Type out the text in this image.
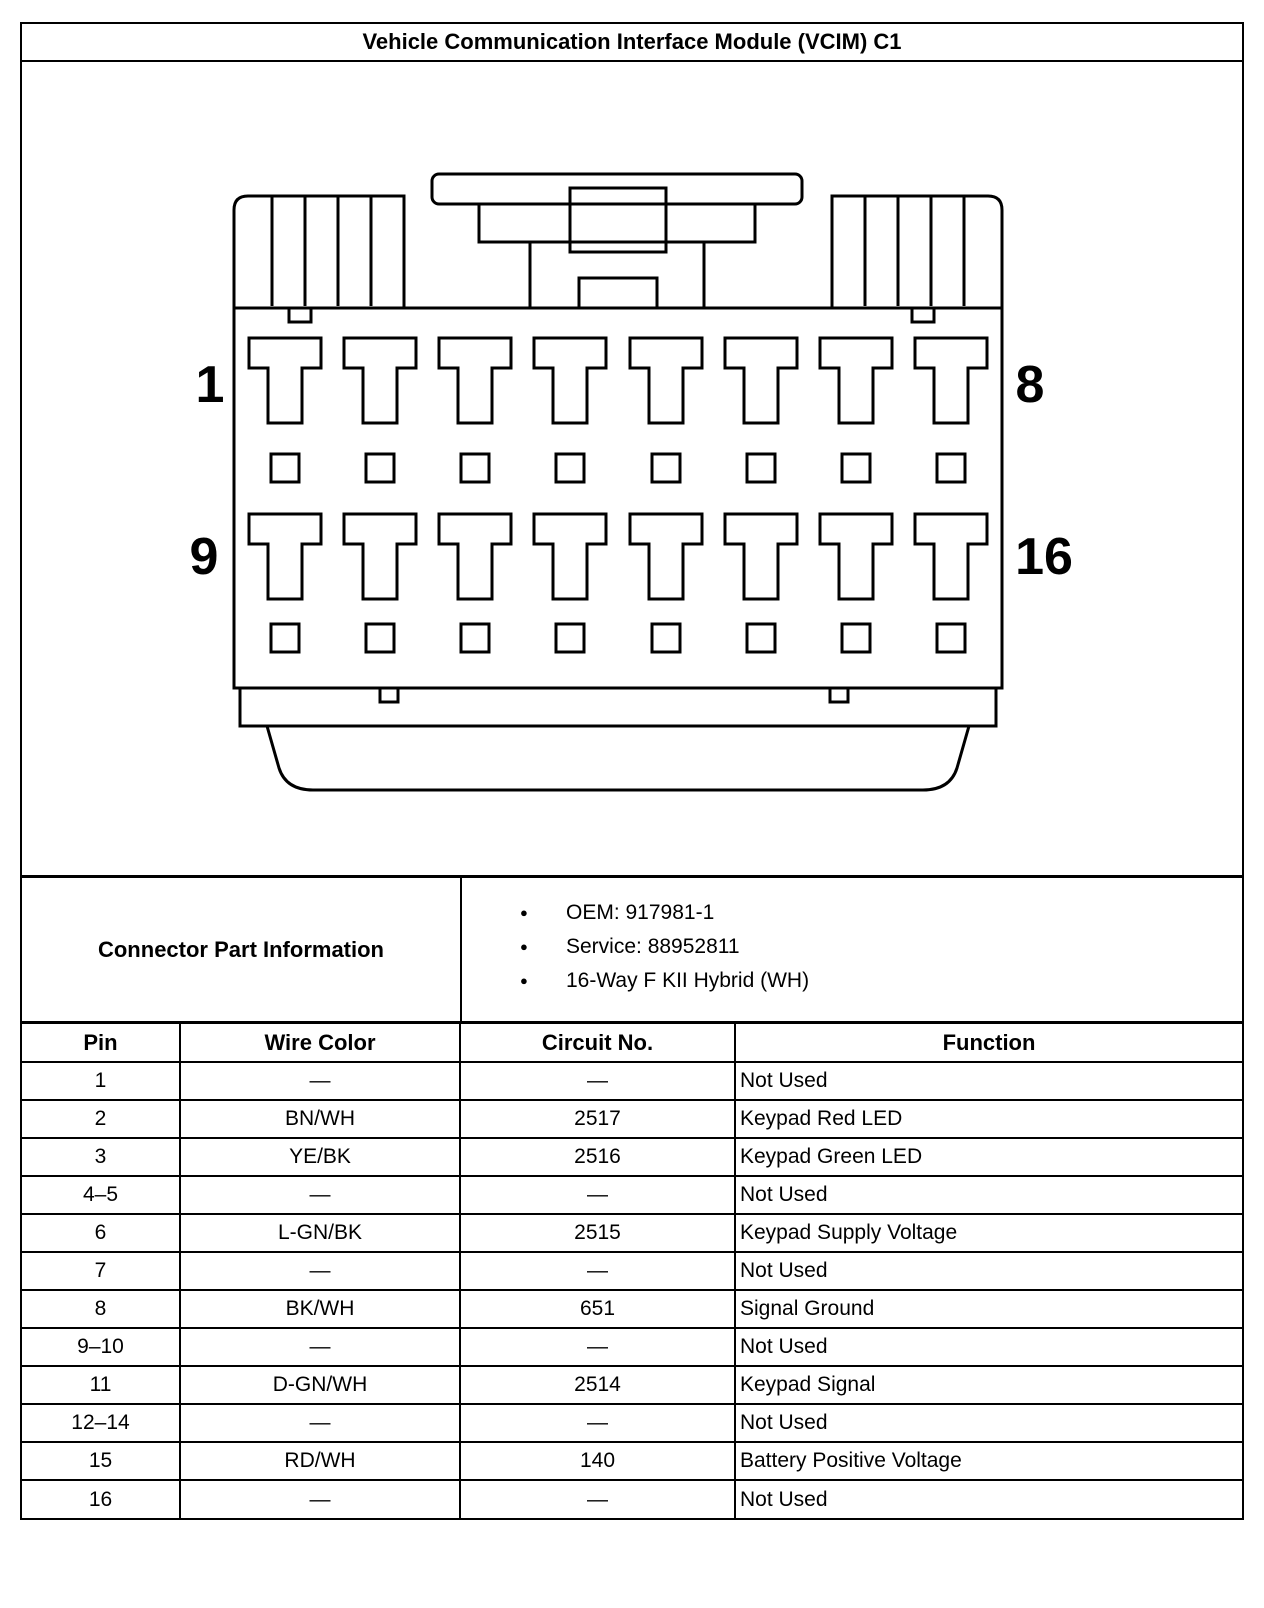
Vehicle Communication Interface Module (VCIM) C1
1	8
9	16
Connector Part Information
● OEM: 917981-1
● Service: 88952811
● 16-Way F KII Hybrid (WH)
Pin	Wire Color	Circuit No.	Function
1	—	—	Not Used
2	BN/WH	2517	Keypad Red LED
3	YE/BK	2516	Keypad Green LED
4–5	—	—	Not Used
6	L-GN/BK	2515	Keypad Supply Voltage
7	—	—	Not Used
8	BK/WH	651	Signal Ground
9–10	—	—	Not Used
11	D-GN/WH	2514	Keypad Signal
12–14	—	—	Not Used
15	RD/WH	140	Battery Positive Voltage
16	—	—	Not Used
